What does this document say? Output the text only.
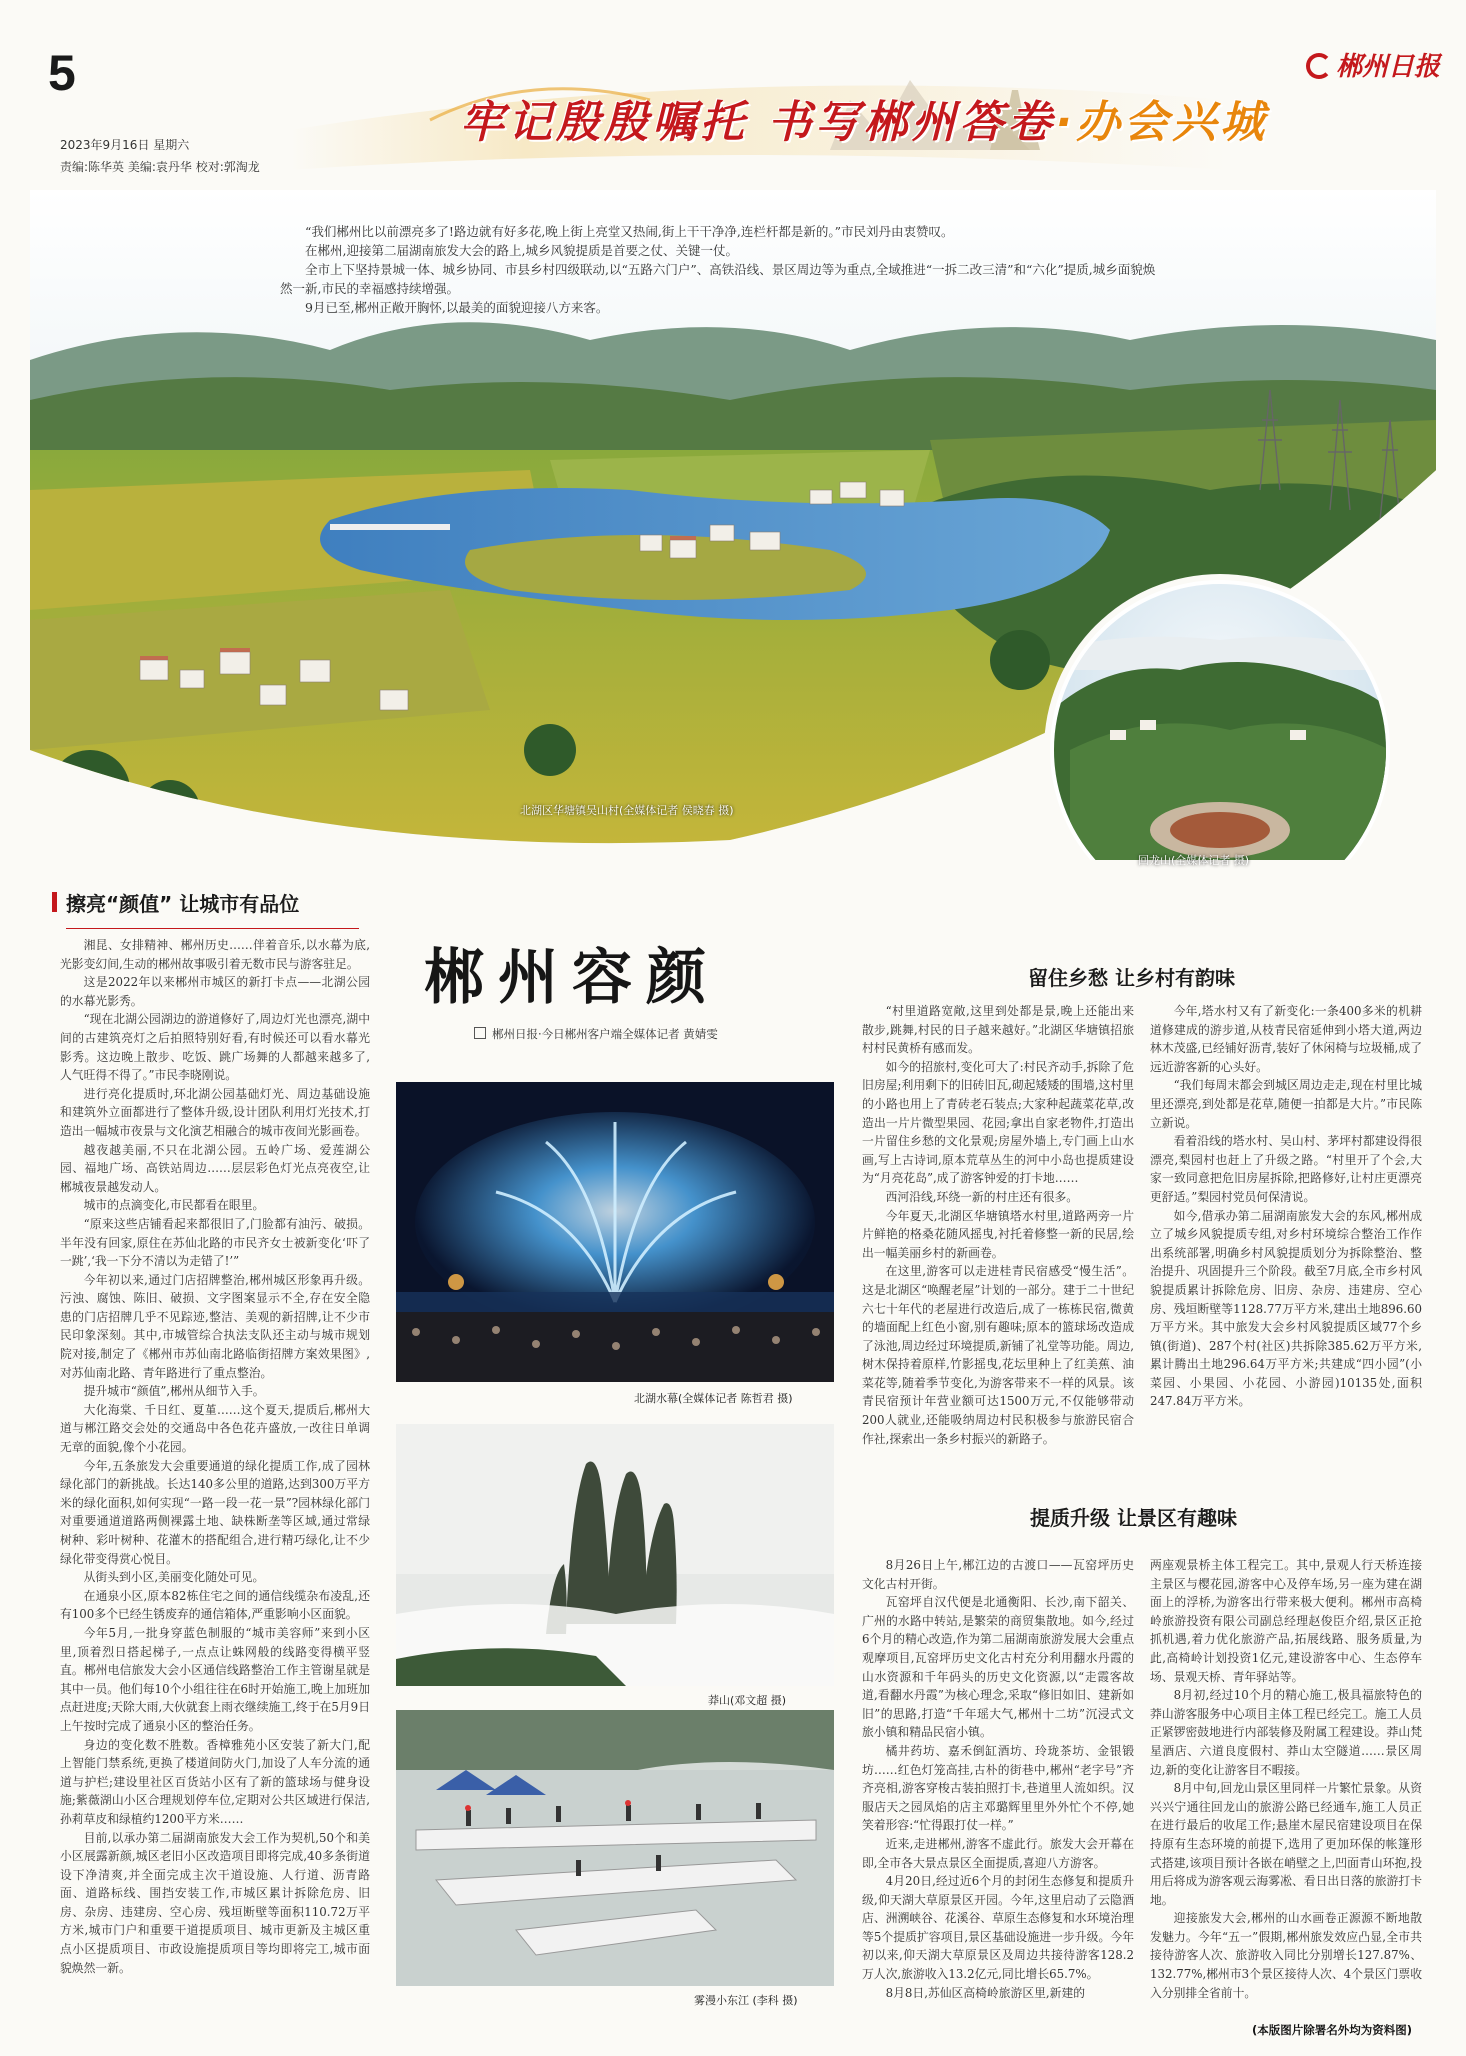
5
2023年9月16日 星期六
责编:陈华英 美编:袁丹华 校对:郭淘龙
牢记殷殷嘱托 书写郴州答卷·办会兴城
郴州日报

“我们郴州比以前漂亮多了!路边就有好多花,晚上街上亮堂又热闹,街上干干净净,连栏杆都是新的。”市民刘丹由衷赞叹。

在郴州,迎接第二届湖南旅发大会的路上,城乡风貌提质是首要之仗、关键一仗。

全市上下坚持景城一体、城乡协同、市县乡村四级联动,以“五路六门户”、高铁沿线、景区周边等为重点,全域推进“一拆二改三清”和“六化”提质,城乡面貌焕然一新,市民的幸福感持续增强。

9月已至,郴州正敞开胸怀,以最美的面貌迎接八方来客。

北湖区华塘镇吴山村(全媒体记者 侯晓春 摄)
回龙山(全媒体记者 摄)
擦亮“颜值” 让城市有品位
郴州容颜
郴州日报·今日郴州客户端全媒体记者 黄婧雯
留住乡愁 让乡村有韵味
提质升级 让景区有趣味

湘昆、女排精神、郴州历史……伴着音乐,以水幕为底,光影变幻间,生动的郴州故事吸引着无数市民与游客驻足。

这是2022年以来郴州市城区的新打卡点——北湖公园的水幕光影秀。

“现在北湖公园湖边的游道修好了,周边灯光也漂亮,湖中间的古建筑亮灯之后拍照特别好看,有时候还可以看水幕光影秀。这边晚上散步、吃饭、跳广场舞的人都越来越多了,人气旺得不得了。”市民李晓刚说。

进行亮化提质时,环北湖公园基础灯光、周边基础设施和建筑外立面都进行了整体升级,设计团队利用灯光技术,打造出一幅城市夜景与文化演艺相融合的城市夜间光影画卷。

越夜越美丽,不只在北湖公园。五岭广场、爱莲湖公园、福地广场、高铁站周边……层层彩色灯光点亮夜空,让郴城夜景越发动人。

城市的点滴变化,市民都看在眼里。

“原来这些店铺看起来都很旧了,门脸都有油污、破损。半年没有回家,原住在苏仙北路的市民齐女士被新变化‘吓了一跳’,‘我一下分不清以为走错了!’”

今年初以来,通过门店招牌整治,郴州城区形象再升级。污浊、腐蚀、陈旧、破损、文字图案显示不全,存在安全隐患的门店招牌几乎不见踪迹,整洁、美观的新招牌,让不少市民印象深刻。其中,市城管综合执法支队还主动与城市规划院对接,制定了《郴州市苏仙南北路临街招牌方案效果图》,对苏仙南北路、青年路进行了重点整治。

提升城市“颜值”,郴州从细节入手。

大化海棠、千日红、夏堇……这个夏天,提质后,郴州大道与郴江路交会处的交通岛中各色花卉盛放,一改往日单调无章的面貌,像个小花园。

今年,五条旅发大会重要通道的绿化提质工作,成了园林绿化部门的新挑战。长达140多公里的道路,达到300万平方米的绿化面积,如何实现“一路一段一花一景”?园林绿化部门对重要通道道路两侧裸露土地、缺株断垄等区域,通过常绿树种、彩叶树种、花灌木的搭配组合,进行精巧绿化,让不少绿化带变得赏心悦目。

从街头到小区,美丽变化随处可见。

在通泉小区,原本82栋住宅之间的通信线缆杂布凌乱,还有100多个已经生锈废弃的通信箱体,严重影响小区面貌。

今年5月,一批身穿蓝色制服的“城市美容师”来到小区里,顶着烈日搭起梯子,一点点让蛛网般的线路变得横平竖直。郴州电信旅发大会小区通信线路整治工作主管谢星就是其中一员。他们每10个小组往往在6时开始施工,晚上加班加点赶进度;天除大雨,大伙就套上雨衣继续施工,终于在5月9日上午按时完成了通泉小区的整治任务。

身边的变化数不胜数。香樟雅苑小区安装了新大门,配上智能门禁系统,更换了楼道间防火门,加设了人车分流的通道与护栏;建设里社区百货站小区有了新的篮球场与健身设施;紫薇湖山小区合理规划停车位,定期对公共区域进行保洁,孙莉草皮和绿植约1200平方米……

目前,以承办第二届湖南旅发大会工作为契机,50个和美小区展露新颜,城区老旧小区改造项目即将完成,40多条街道设下净清爽,并全面完成主次干道设施、人行道、沥青路面、道路标线、围挡安装工作,市城区累计拆除危房、旧房、杂房、违建房、空心房、残垣断壁等面积110.72万平方米,城市门户和重要干道提质项目、城市更新及主城区重点小区提质项目、市政设施提质项目等均即将完工,城市面貌焕然一新。

北湖水幕(全媒体记者 陈哲君 摄)
莽山(邓文超 摄)
雾漫小东江 (李科 摄)

“村里道路宽敞,这里到处都是景,晚上还能出来散步,跳舞,村民的日子越来越好。”北湖区华塘镇招旅村村民黄桥有感而发。

如今的招旅村,变化可大了:村民齐动手,拆除了危旧房屋;利用剩下的旧砖旧瓦,砌起矮矮的围墙,这村里的小路也用上了青砖老石装点;大家种起蔬菜花草,改造出一片片微型果园、花园;拿出自家老物件,打造出一片留住乡愁的文化景观;房屋外墙上,专门画上山水画,写上古诗词,原本荒草丛生的河中小岛也提质建设为“月亮花岛”,成了游客钟爱的打卡地……

西河沿线,环绕一新的村庄还有很多。

今年夏天,北湖区华塘镇塔水村里,道路两旁一片片鲜艳的格桑花随风摇曳,衬托着修整一新的民居,绘出一幅美丽乡村的新画卷。

在这里,游客可以走进桂青民宿感受“慢生活”。这是北湖区“唤醒老屋”计划的一部分。建于二十世纪六七十年代的老屋进行改造后,成了一栋栋民宿,微黄的墙面配上红色小窗,别有趣味;原本的篮球场改造成了泳池,周边经过环境提质,新铺了礼堂等功能。周边,树木保持着原样,竹影摇曳,花坛里种上了红美蕉、油菜花等,随着季节变化,为游客带来不一样的风景。该青民宿预计年营业额可达1500万元,不仅能够带动200人就业,还能吸纳周边村民积极参与旅游民宿合作社,探索出一条乡村振兴的新路子。

今年,塔水村又有了新变化:一条400多米的机耕道修建成的游步道,从枝青民宿延伸到小塔大道,两边林木茂盛,已经铺好沥青,装好了休闲椅与垃圾桶,成了远近游客新的心头好。

“我们每周末都会到城区周边走走,现在村里比城里还漂亮,到处都是花草,随便一拍都是大片。”市民陈立新说。

看着沿线的塔水村、吴山村、茅坪村都建设得很漂亮,梨园村也赶上了升级之路。“村里开了个会,大家一致同意把危旧房屋拆除,把路修好,让村庄更漂亮更舒适。”梨园村党员何保清说。

如今,借承办第二届湖南旅发大会的东风,郴州成立了城乡风貌提质专组,对乡村环境综合整治工作作出系统部署,明确乡村风貌提质划分为拆除整治、整治提升、巩固提升三个阶段。截至7月底,全市乡村风貌提质累计拆除危房、旧房、杂房、违建房、空心房、残垣断壁等1128.77万平方米,建出土地896.60万平方米。其中旅发大会乡村风貌提质区域77个乡镇(街道)、287个村(社区)共拆除385.62万平方米,累计腾出土地296.64万平方米;共建成“四小园”(小菜园、小果园、小花园、小游园)10135处,面积247.84万平方米。

8月26日上午,郴江边的古渡口——瓦窑坪历史文化古村开街。

瓦窑坪自汉代便是北通衡阳、长沙,南下韶关、广州的水路中转站,是繁荣的商贸集散地。如今,经过6个月的精心改造,作为第二届湖南旅游发展大会重点观摩项目,瓦窑坪历史文化古村充分利用翻水丹霞的山水资源和千年码头的历史文化资源,以“走霞客故道,看翻水丹霞”为核心理念,采取“修旧如旧、建新如旧”的思路,打造“千年瑶大气,郴州十二坊”沉浸式文旅小镇和精品民宿小镇。

橘井药坊、嘉禾倒缸酒坊、玲珑茶坊、金银锻坊……红色灯笼高挂,古朴的街巷中,郴州“老字号”齐齐亮相,游客穿梭古装拍照打卡,巷道里人流如织。汉服店天之园凤焰的店主邓璐辉里里外外忙个不停,她笑着形容:“忙得跟打仗一样。”

近来,走进郴州,游客不虚此行。旅发大会开幕在即,全市各大景点景区全面提质,喜迎八方游客。

4月20日,经过近6个月的封闭生态修复和提质升级,仰天湖大草原景区开园。今年,这里启动了云隐酒店、洲溯峡谷、花溪谷、草原生态修复和水环境治理等5个提质扩容项目,景区基础设施进一步升级。今年初以来,仰天湖大草原景区及周边共接待游客128.2万人次,旅游收入13.2亿元,同比增长65.7%。

8月8日,苏仙区高椅岭旅游区里,新建的

两座观景桥主体工程完工。其中,景观人行天桥连接主景区与樱花园,游客中心及停车场,另一座为建在湖面上的浮桥,为游客出行带来极大便利。郴州市高椅岭旅游投资有限公司副总经理赵俊臣介绍,景区正抢抓机遇,着力优化旅游产品,拓展线路、服务质量,为此,高椅岭计划投资1亿元,建设游客中心、生态停车场、景观天桥、青年驿站等。

8月初,经过10个月的精心施工,极具福旅特色的莽山游客服务中心项目主体工程已经完工。施工人员正紧锣密鼓地进行内部装修及附属工程建设。莽山梵星酒店、六道良度假村、莽山太空隧道……景区周边,新的变化让游客目不暇接。

8月中旬,回龙山景区里同样一片繁忙景象。从资兴兴宁通往回龙山的旅游公路已经通车,施工人员正在进行最后的收尾工作;悬崖木屋民宿建设项目在保持原有生态环境的前提下,选用了更加环保的帐篷形式搭建,该项目预计各嵌在峭壁之上,凹面青山环抱,投用后将成为游客观云海雾凇、看日出日落的旅游打卡地。

迎接旅发大会,郴州的山水画卷正源源不断地散发魅力。今年“五一”假期,郴州旅发效应凸显,全市共接待游客人次、旅游收入同比分别增长127.87%、132.77%,郴州市3个景区接待人次、4个景区门票收入分别排全省前十。

(本版图片除署名外均为资料图)
